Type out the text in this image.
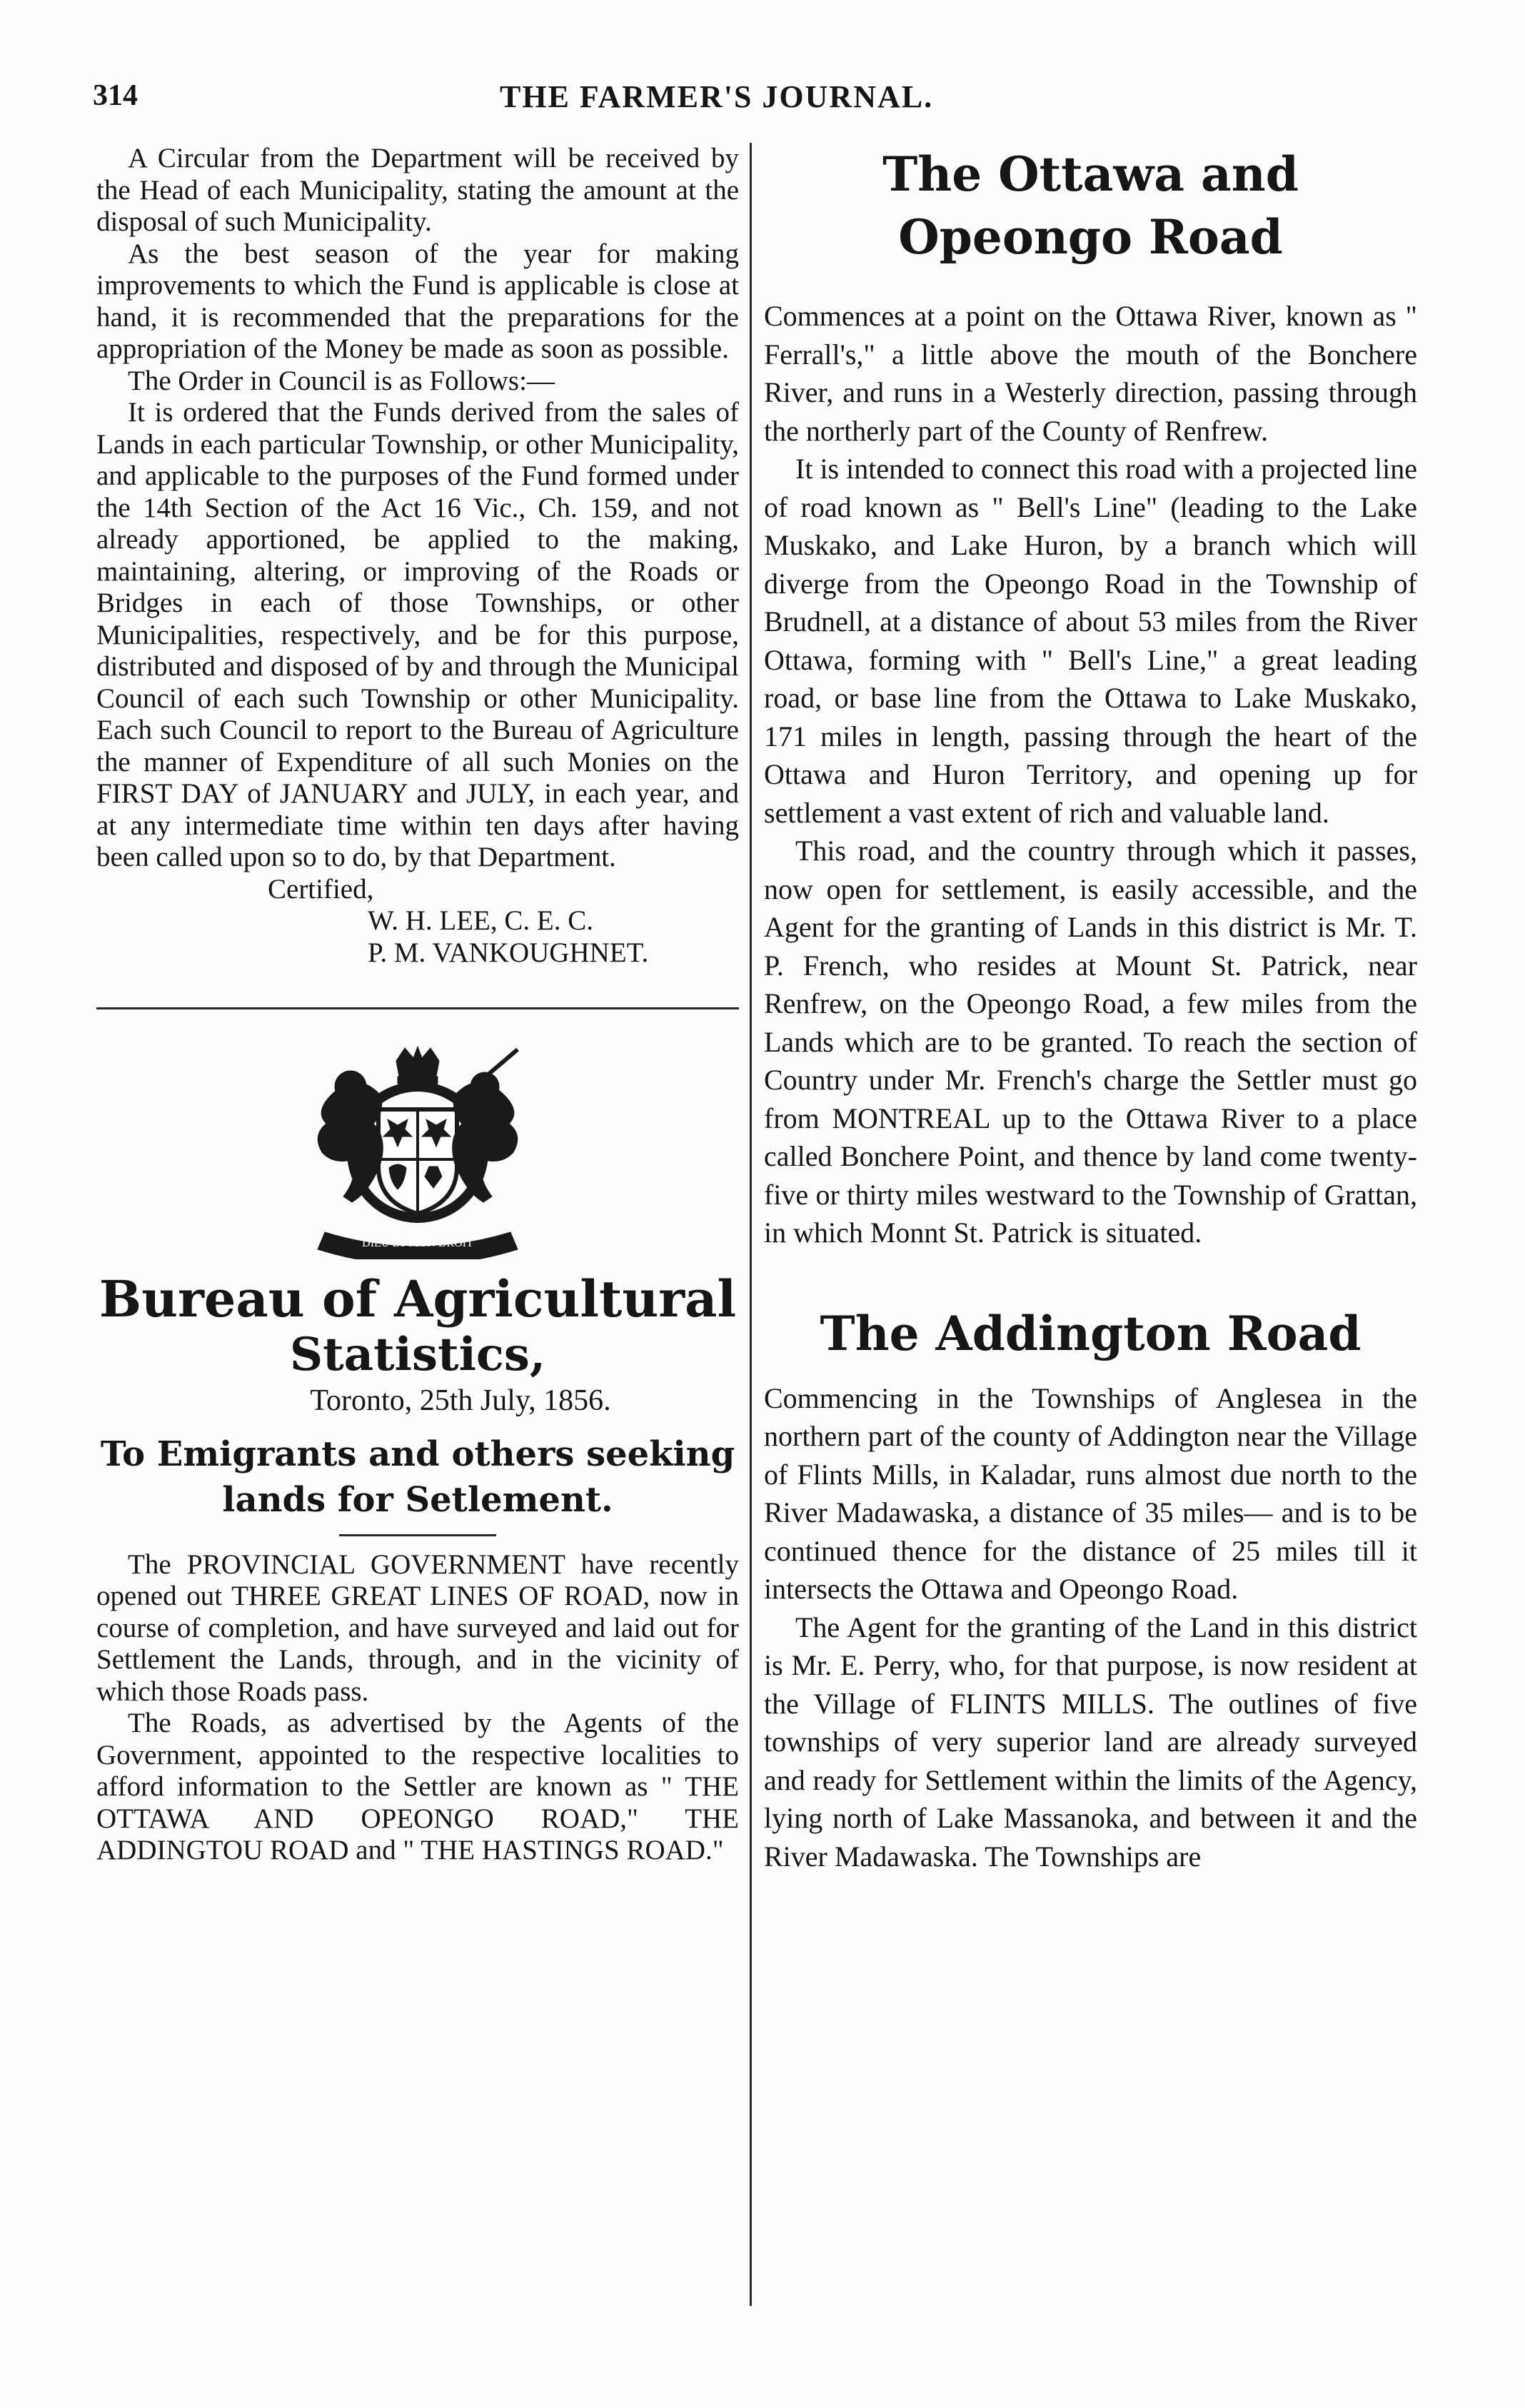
314	THE FARMER'S JOURNAL.

A Circular from the Department will be received by the Head of each Municipality, stating the amount at the disposal of such Municipality.

As the best season of the year for making improvements to which the Fund is applicable is close at hand, it is recommended that the preparations for the appropriation of the Money be made as soon as possible.

The Order in Council is as Follows:—

It is ordered that the Funds derived from the sales of Lands in each particular Township, or other Municipality, and applicable to the purposes of the Fund formed under the 14th Section of the Act 16 Vic., Ch. 159, and not already apportioned, be applied to the making, maintaining, altering, or improving of the Roads or Bridges in each of those Townships, or other Municipalities, respectively, and be for this purpose, distributed and disposed of by and through the Municipal Council of each such Township or other Municipality. Each such Council to report to the Bureau of Agriculture the manner of Expenditure of all such Monies on the FIRST DAY of JANUARY and JULY, in each year, and at any intermediate time within ten days after having been called upon so to do, by that Department.

Certified,

W. H. LEE, C. E. C.

P. M. VANKOUGHNET.

DIEU ET MON DROIT
Bureau of Agricultural
Statistics,
Toronto, 25th July, 1856.
To Emigrants and others seeking lands for Setlement.

The PROVINCIAL GOVERNMENT have recently opened out THREE GREAT LINES OF ROAD, now in course of completion, and have surveyed and laid out for Settlement the Lands, through, and in the vicinity of which those Roads pass.

The Roads, as advertised by the Agents of the Government, appointed to the respective localities to afford information to the Settler are known as " THE OTTAWA AND OPEONGO ROAD," THE ADDINGTOU ROAD and " THE HASTINGS ROAD."

The Ottawa and Opeongo Road

Commences at a point on the Ottawa River, known as " Ferrall's," a little above the mouth of the Bonchere River, and runs in a Westerly direction, passing through the northerly part of the County of Renfrew.

It is intended to connect this road with a projected line of road known as " Bell's Line" (leading to the Lake Muskako, and Lake Huron, by a branch which will diverge from the Opeongo Road in the Township of Brudnell, at a distance of about 53 miles from the River Ottawa, forming with " Bell's Line," a great leading road, or base line from the Ottawa to Lake Muskako, 171 miles in length, passing through the heart of the Ottawa and Huron Territory, and opening up for settlement a vast extent of rich and valuable land.

This road, and the country through which it passes, now open for settlement, is easily accessible, and the Agent for the granting of Lands in this district is Mr. T. P. French, who resides at Mount St. Patrick, near Renfrew, on the Opeongo Road, a few miles from the Lands which are to be granted. To reach the section of Country under Mr. French's charge the Settler must go from MONTREAL up to the Ottawa River to a place called Bonchere Point, and thence by land come twenty-five or thirty miles westward to the Township of Grattan, in which Monnt St. Patrick is situated.

The Addington Road

Commencing in the Townships of Anglesea in the northern part of the county of Addington near the Village of Flints Mills, in Kaladar, runs almost due north to the River Madawaska, a distance of 35 miles— and is to be continued thence for the distance of 25 miles till it intersects the Ottawa and Opeongo Road.

The Agent for the granting of the Land in this district is Mr. E. Perry, who, for that purpose, is now resident at the Village of FLINTS MILLS. The outlines of five townships of very superior land are already surveyed and ready for Settlement within the limits of the Agency, lying north of Lake Massanoka, and between it and the River Madawaska. The Townships are
